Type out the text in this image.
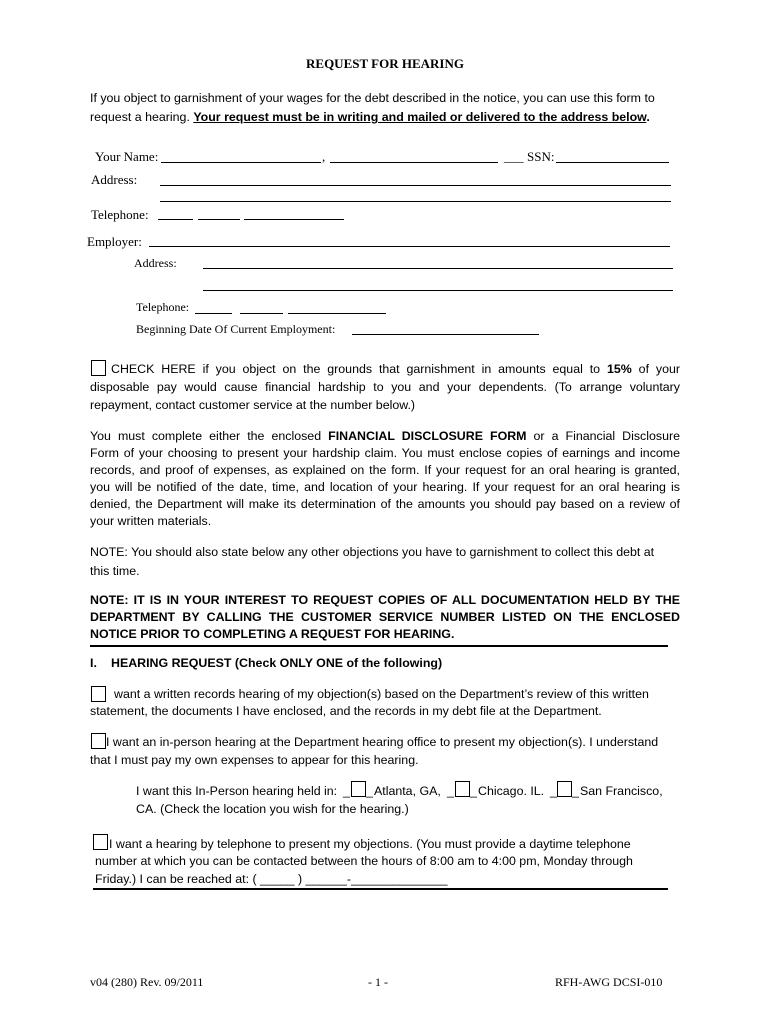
REQUEST FOR HEARING
If you object to garnishment of your wages for the debt described in the notice, you can use this form to
request a hearing. Your request must be in writing and mailed or delivered to the address below.
Your Name:	,	___ SSN:
Address:
Telephone:
Employer:
Address:
Telephone:
Beginning Date Of Current Employment:
CHECK HERE if you object on the grounds that garnishment in amounts equal to 15% of your
disposable pay would cause financial hardship to you and your dependents. (To arrange voluntary
repayment, contact customer service at the number below.)
You must complete either the enclosed FINANCIAL DISCLOSURE FORM or a Financial Disclosure
Form of your choosing to present your hardship claim. You must enclose copies of earnings and income
records, and proof of expenses, as explained on the form. If your request for an oral hearing is granted,
you will be notified of the date, time, and location of your hearing. If your request for an oral hearing is
denied, the Department will make its determination of the amounts you should pay based on a review of
your written materials.
NOTE: You should also state below any other objections you have to garnishment to collect this debt at
this time.
NOTE: IT IS IN YOUR INTEREST TO REQUEST COPIES OF ALL DOCUMENTATION HELD BY THE
DEPARTMENT BY CALLING THE CUSTOMER SERVICE NUMBER LISTED ON THE ENCLOSED
NOTICE PRIOR TO COMPLETING A REQUEST FOR HEARING.
I. HEARING REQUEST (Check ONLY ONE of the following)
want a written records hearing of my objection(s) based on the Department’s review of this written
statement, the documents I have enclosed, and the records in my debt file at the Department.
I want an in-person hearing at the Department hearing office to present my objection(s). I understand
that I must pay my own expenses to appear for this hearing.
I want this In-Person hearing held in: _ _ Atlanta, GA, _ _ Chicago. IL. _ _ San Francisco,
CA. (Check the location you wish for the hearing.)
I want a hearing by telephone to present my objections. (You must provide a daytime telephone
number at which you can be contacted between the hours of 8:00 am to 4:00 pm, Monday through
Friday.) I can be reached at: ( _____ ) ______-______________
v04 (280) Rev. 09/2011	- 1 -	RFH-AWG DCSI-010
